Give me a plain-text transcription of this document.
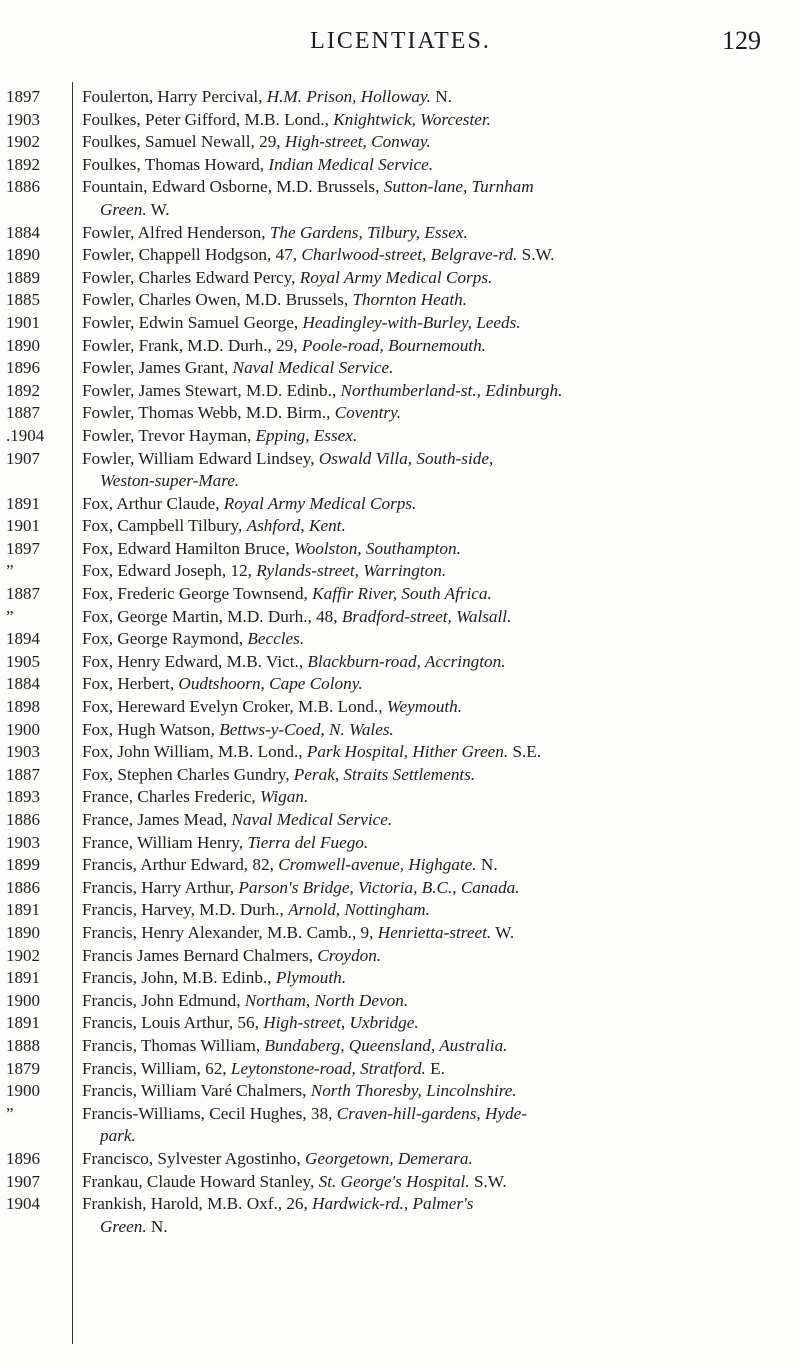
LICENTIATES.	129
1897	Foulerton, Harry Percival, H.M. Prison, Holloway. N.
1903	Foulkes, Peter Gifford, M.B. Lond., Knightwick, Worcester.
1902	Foulkes, Samuel Newall, 29, High-street, Conway.
1892	Foulkes, Thomas Howard, Indian Medical Service.
1886	Fountain, Edward Osborne, M.D. Brussels, Sutton-lane, Turnham
Green. W.
1884	Fowler, Alfred Henderson, The Gardens, Tilbury, Essex.
1890	Fowler, Chappell Hodgson, 47, Charlwood-street, Belgrave-rd. S.W.
1889	Fowler, Charles Edward Percy, Royal Army Medical Corps.
1885	Fowler, Charles Owen, M.D. Brussels, Thornton Heath.
1901	Fowler, Edwin Samuel George, Headingley-with-Burley, Leeds.
1890	Fowler, Frank, M.D. Durh., 29, Poole-road, Bournemouth.
1896	Fowler, James Grant, Naval Medical Service.
1892	Fowler, James Stewart, M.D. Edinb., Northumberland-st., Edinburgh.
1887	Fowler, Thomas Webb, M.D. Birm., Coventry.
.1904	Fowler, Trevor Hayman, Epping, Essex.
1907	Fowler, William Edward Lindsey, Oswald Villa, South-side,
Weston-super-Mare.
1891	Fox, Arthur Claude, Royal Army Medical Corps.
1901	Fox, Campbell Tilbury, Ashford, Kent.
1897	Fox, Edward Hamilton Bruce, Woolston, Southampton.
”	Fox, Edward Joseph, 12, Rylands-street, Warrington.
1887	Fox, Frederic George Townsend, Kaffir River, South Africa.
”	Fox, George Martin, M.D. Durh., 48, Bradford-street, Walsall.
1894	Fox, George Raymond, Beccles.
1905	Fox, Henry Edward, M.B. Vict., Blackburn-road, Accrington.
1884	Fox, Herbert, Oudtshoorn, Cape Colony.
1898	Fox, Hereward Evelyn Croker, M.B. Lond., Weymouth.
1900	Fox, Hugh Watson, Bettws-y-Coed, N. Wales.
1903	Fox, John William, M.B. Lond., Park Hospital, Hither Green. S.E.
1887	Fox, Stephen Charles Gundry, Perak, Straits Settlements.
1893	France, Charles Frederic, Wigan.
1886	France, James Mead, Naval Medical Service.
1903	France, William Henry, Tierra del Fuego.
1899	Francis, Arthur Edward, 82, Cromwell-avenue, Highgate. N.
1886	Francis, Harry Arthur, Parson's Bridge, Victoria, B.C., Canada.
1891	Francis, Harvey, M.D. Durh., Arnold, Nottingham.
1890	Francis, Henry Alexander, M.B. Camb., 9, Henrietta-street. W.
1902	Francis James Bernard Chalmers, Croydon.
1891	Francis, John, M.B. Edinb., Plymouth.
1900	Francis, John Edmund, Northam, North Devon.
1891	Francis, Louis Arthur, 56, High-street, Uxbridge.
1888	Francis, Thomas William, Bundaberg, Queensland, Australia.
1879	Francis, William, 62, Leytonstone-road, Stratford. E.
1900	Francis, William Varé Chalmers, North Thoresby, Lincolnshire.
”	Francis-Williams, Cecil Hughes, 38, Craven-hill-gardens, Hyde-
park.
1896	Francisco, Sylvester Agostinho, Georgetown, Demerara.
1907	Frankau, Claude Howard Stanley, St. George's Hospital. S.W.
1904	Frankish, Harold, M.B. Oxf., 26, Hardwick-rd., Palmer's
Green. N.
